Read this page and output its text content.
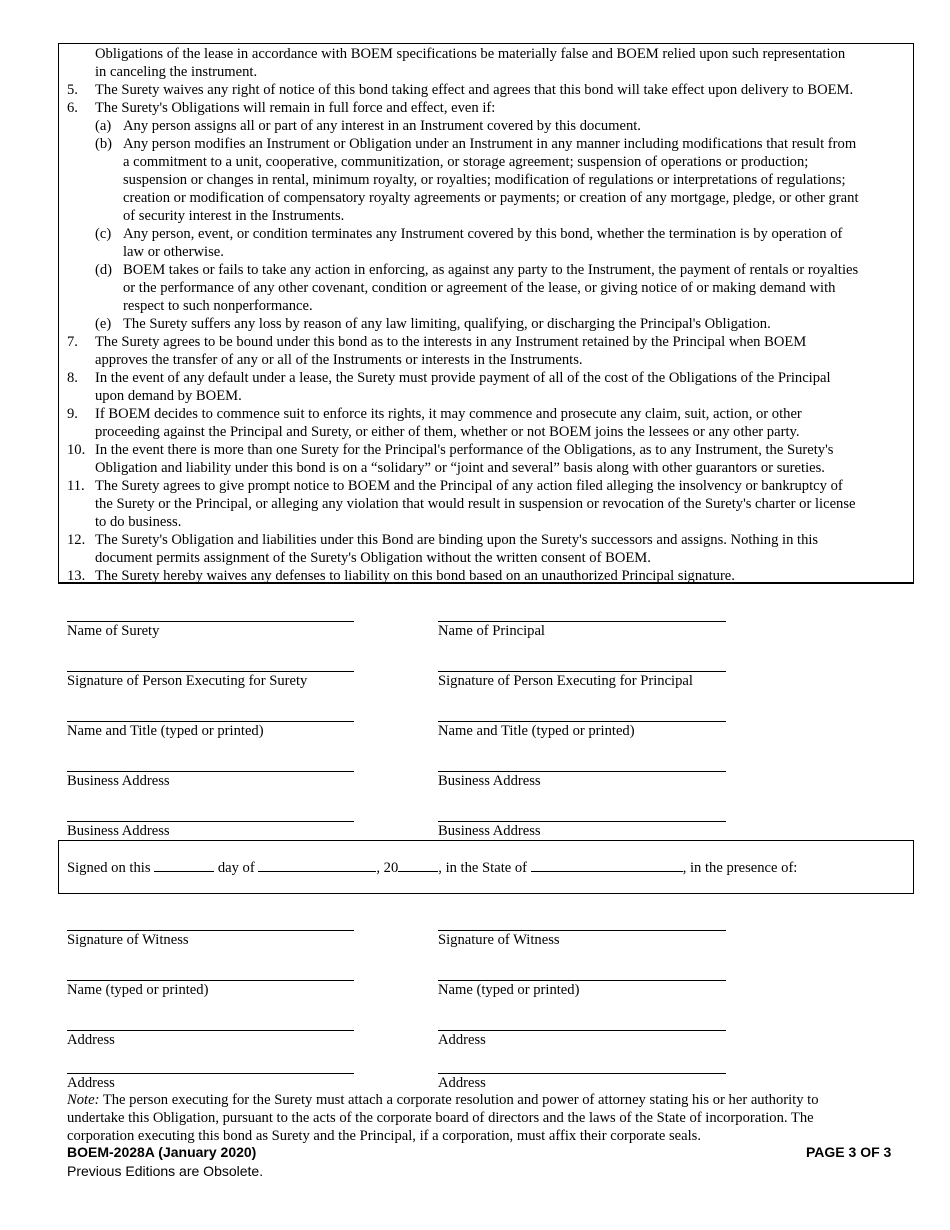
Obligations of the lease in accordance with BOEM specifications be materially false and BOEM relied upon such representation
in canceling the instrument.
5. The Surety waives any right of notice of this bond taking effect and agrees that this bond will take effect upon delivery to BOEM.
6. The Surety's Obligations will remain in full force and effect, even if:
(a) Any person assigns all or part of any interest in an Instrument covered by this document.
(b) Any person modifies an Instrument or Obligation under an Instrument in any manner including modifications that result from
a commitment to a unit, cooperative, communitization, or storage agreement; suspension of operations or production;
suspension or changes in rental, minimum royalty, or royalties; modification of regulations or interpretations of regulations;
creation or modification of compensatory royalty agreements or payments; or creation of any mortgage, pledge, or other grant
of security interest in the Instruments.
(c) Any person, event, or condition terminates any Instrument covered by this bond, whether the termination is by operation of
law or otherwise.
(d) BOEM takes or fails to take any action in enforcing, as against any party to the Instrument, the payment of rentals or royalties
or the performance of any other covenant, condition or agreement of the lease, or giving notice of or making demand with
respect to such nonperformance.
(e) The Surety suffers any loss by reason of any law limiting, qualifying, or discharging the Principal's Obligation.
7. The Surety agrees to be bound under this bond as to the interests in any Instrument retained by the Principal when BOEM
approves the transfer of any or all of the Instruments or interests in the Instruments.
8. In the event of any default under a lease, the Surety must provide payment of all of the cost of the Obligations of the Principal
upon demand by BOEM.
9. If BOEM decides to commence suit to enforce its rights, it may commence and prosecute any claim, suit, action, or other
proceeding against the Principal and Surety, or either of them, whether or not BOEM joins the lessees or any other party.
10. In the event there is more than one Surety for the Principal's performance of the Obligations, as to any Instrument, the Surety's
Obligation and liability under this bond is on a “solidary” or “joint and several” basis along with other guarantors or sureties.
11. The Surety agrees to give prompt notice to BOEM and the Principal of any action filed alleging the insolvency or bankruptcy of
the Surety or the Principal, or alleging any violation that would result in suspension or revocation of the Surety's charter or license
to do business.
12. The Surety's Obligation and liabilities under this Bond are binding upon the Surety's successors and assigns. Nothing in this
document permits assignment of the Surety's Obligation without the written consent of BOEM.
13. The Surety hereby waives any defenses to liability on this bond based on an unauthorized Principal signature.
Name of Surety	Name of Principal
Signature of Person Executing for Surety	Signature of Person Executing for Principal
Name and Title (typed or printed)	Name and Title (typed or printed)
Business Address	Business Address
Business Address	Business Address
Signed on this	day of	, 20	, in the State of	, in the presence of:
Signature of Witness	Signature of Witness
Name (typed or printed)	Name (typed or printed)
Address	Address
Address	Address
Note: The person executing for the Surety must attach a corporate resolution and power of attorney stating his or her authority to
undertake this Obligation, pursuant to the acts of the corporate board of directors and the laws of the State of incorporation. The
corporation executing this bond as Surety and the Principal, if a corporation, must affix their corporate seals.
BOEM-2028A (January 2020)	PAGE 3 OF 3
Previous Editions are Obsolete.
